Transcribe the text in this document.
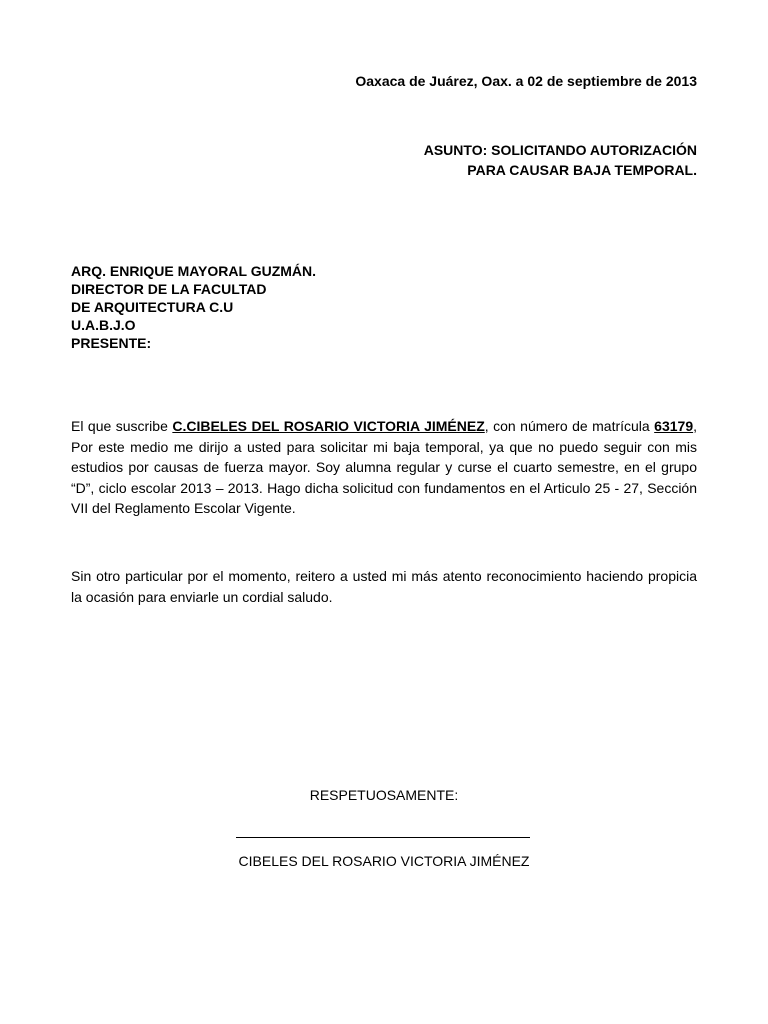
Oaxaca de Juárez, Oax. a 02 de septiembre de 2013
ASUNTO: SOLICITANDO AUTORIZACIÓN
PARA CAUSAR BAJA TEMPORAL.
ARQ. ENRIQUE MAYORAL GUZMÁN.
DIRECTOR DE LA FACULTAD
DE ARQUITECTURA C.U
U.A.B.J.O
PRESENTE:
El que suscribe C.CIBELES DEL ROSARIO VICTORIA JIMÉNEZ, con número de matrícula 63179, Por este medio me dirijo a usted para solicitar mi baja temporal, ya que no puedo seguir con mis estudios por causas de fuerza mayor. Soy alumna regular y curse el cuarto semestre, en el grupo “D”, ciclo escolar 2013 – 2013. Hago dicha solicitud con fundamentos en el Articulo 25 - 27, Sección VII del Reglamento Escolar Vigente.
Sin otro particular por el momento, reitero a usted mi más atento reconocimiento haciendo propicia la ocasión para enviarle un cordial saludo.
RESPETUOSAMENTE:
CIBELES DEL ROSARIO VICTORIA JIMÉNEZ
